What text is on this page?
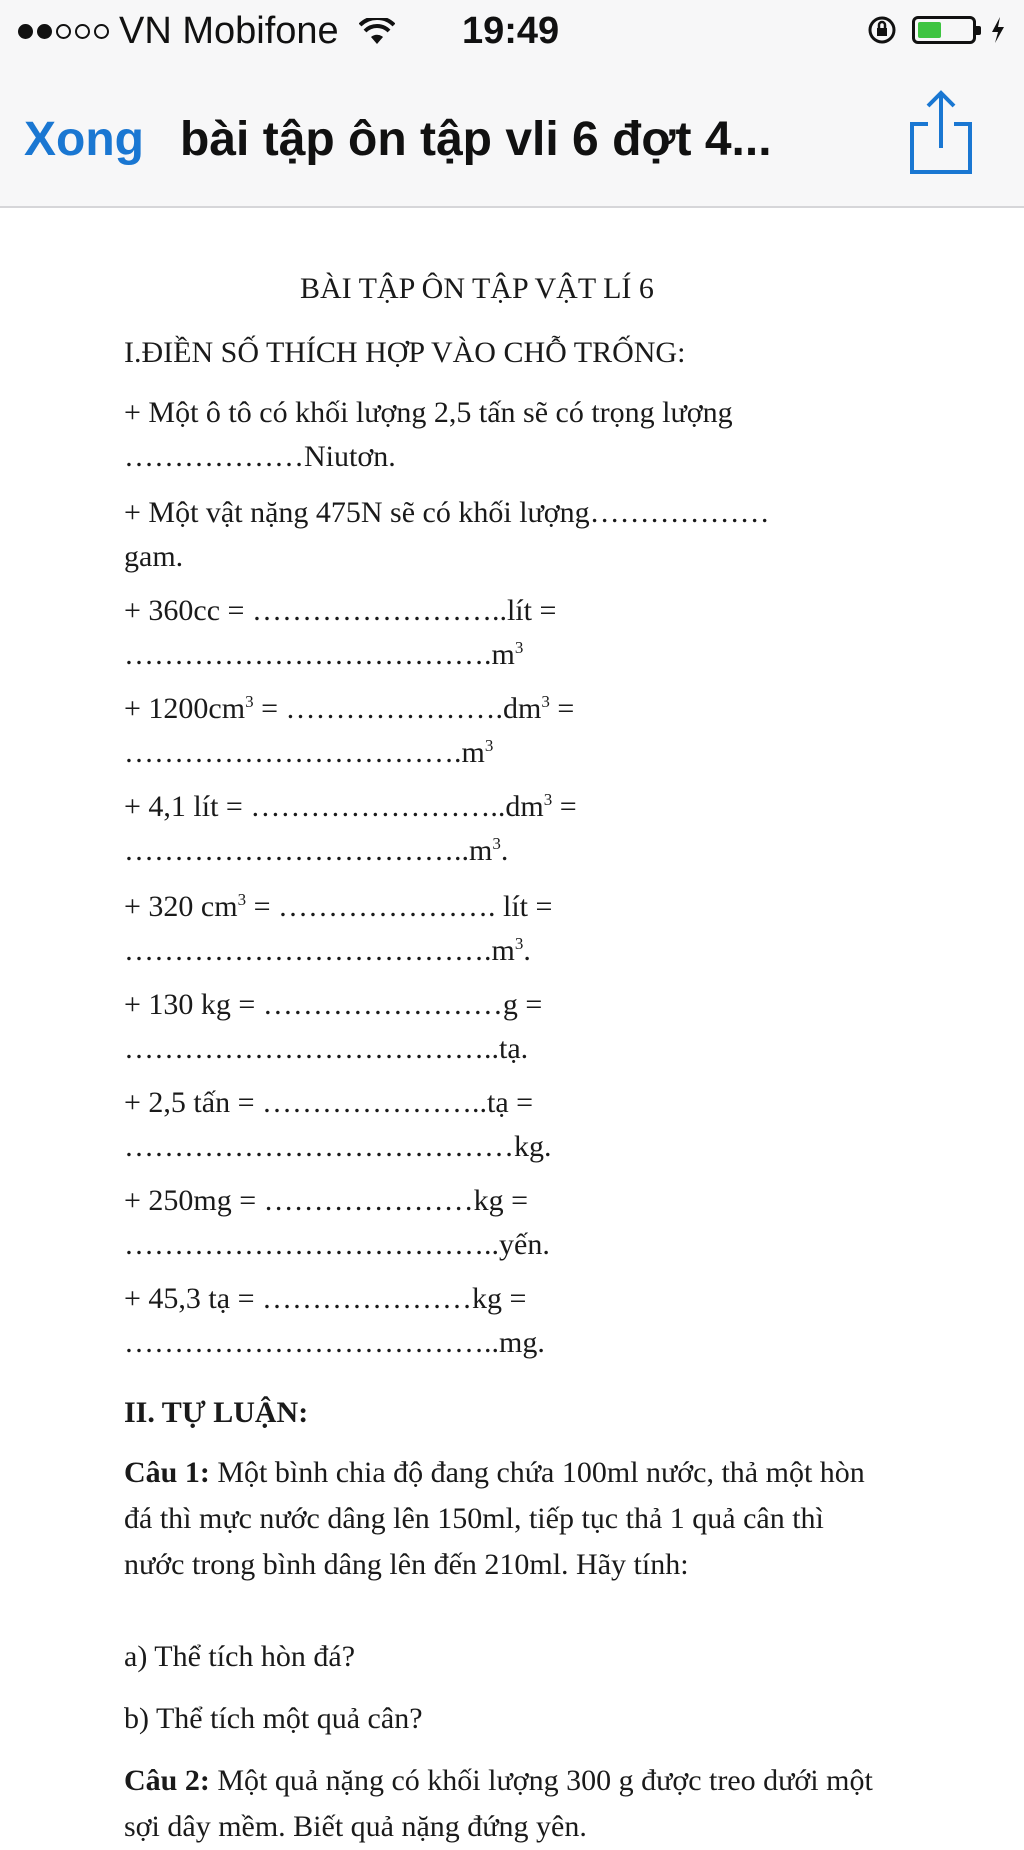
VN Mobifone	19:49
Xong bài tập ôn tập vli 6 đợt 4...
BÀI TẬP ÔN TẬP VẬT LÍ 6
I.ĐIỀN SỐ THÍCH HỢP VÀO CHỖ TRỐNG:
+ Một ô tô có khối lượng 2,5 tấn sẽ có trọng lượng
………………Niutơn.
+ Một vật nặng 475N sẽ có khối lượng………………
gam.
+ 360cc = ……………………..lít =
$\dots\dots\dots\dots\dots\dots\dots\dots\dots\dots\dots\dots.m^3$
+ $1200cm^3$ = $\dots\dots\dots\dots\dots\dots\dots.dm^3$ =
$\dots\dots\dots\dots\dots\dots\dots\dots\dots\dots\dots.m^3$
+ 4,1 lít = $\dots\dots\dots\dots\dots\dots\dots\dots..dm^3$ =
$\dots\dots\dots\dots\dots\dots\dots\dots\dots\dots\dots..m^3$.
+ 320 $cm^3$ = …………………. lít =
$\dots\dots\dots\dots\dots\dots\dots\dots\dots\dots\dots\dots.m^3$.
+ 130 kg = ……………………g =
………………………………..tạ.
+ 2,5 tấn = …………………..tạ =
…………………………………kg.
+ 250mg = …………………kg =
………………………………..yến.
+ 45,3 tạ = …………………kg =
………………………………..mg.
II. TỰ LUẬN:
Câu 1: Một bình chia độ đang chứa 100ml nước, thả một hòn đá thì mực nước dâng lên 150ml, tiếp tục thả 1 quả cân thì nước trong bình dâng lên đến 210ml. Hãy tính:
a) Thể tích hòn đá?
b) Thể tích một quả cân?
Câu 2: Một quả nặng có khối lượng 300 g được treo dưới một sợi dây mềm. Biết quả nặng đứng yên.
